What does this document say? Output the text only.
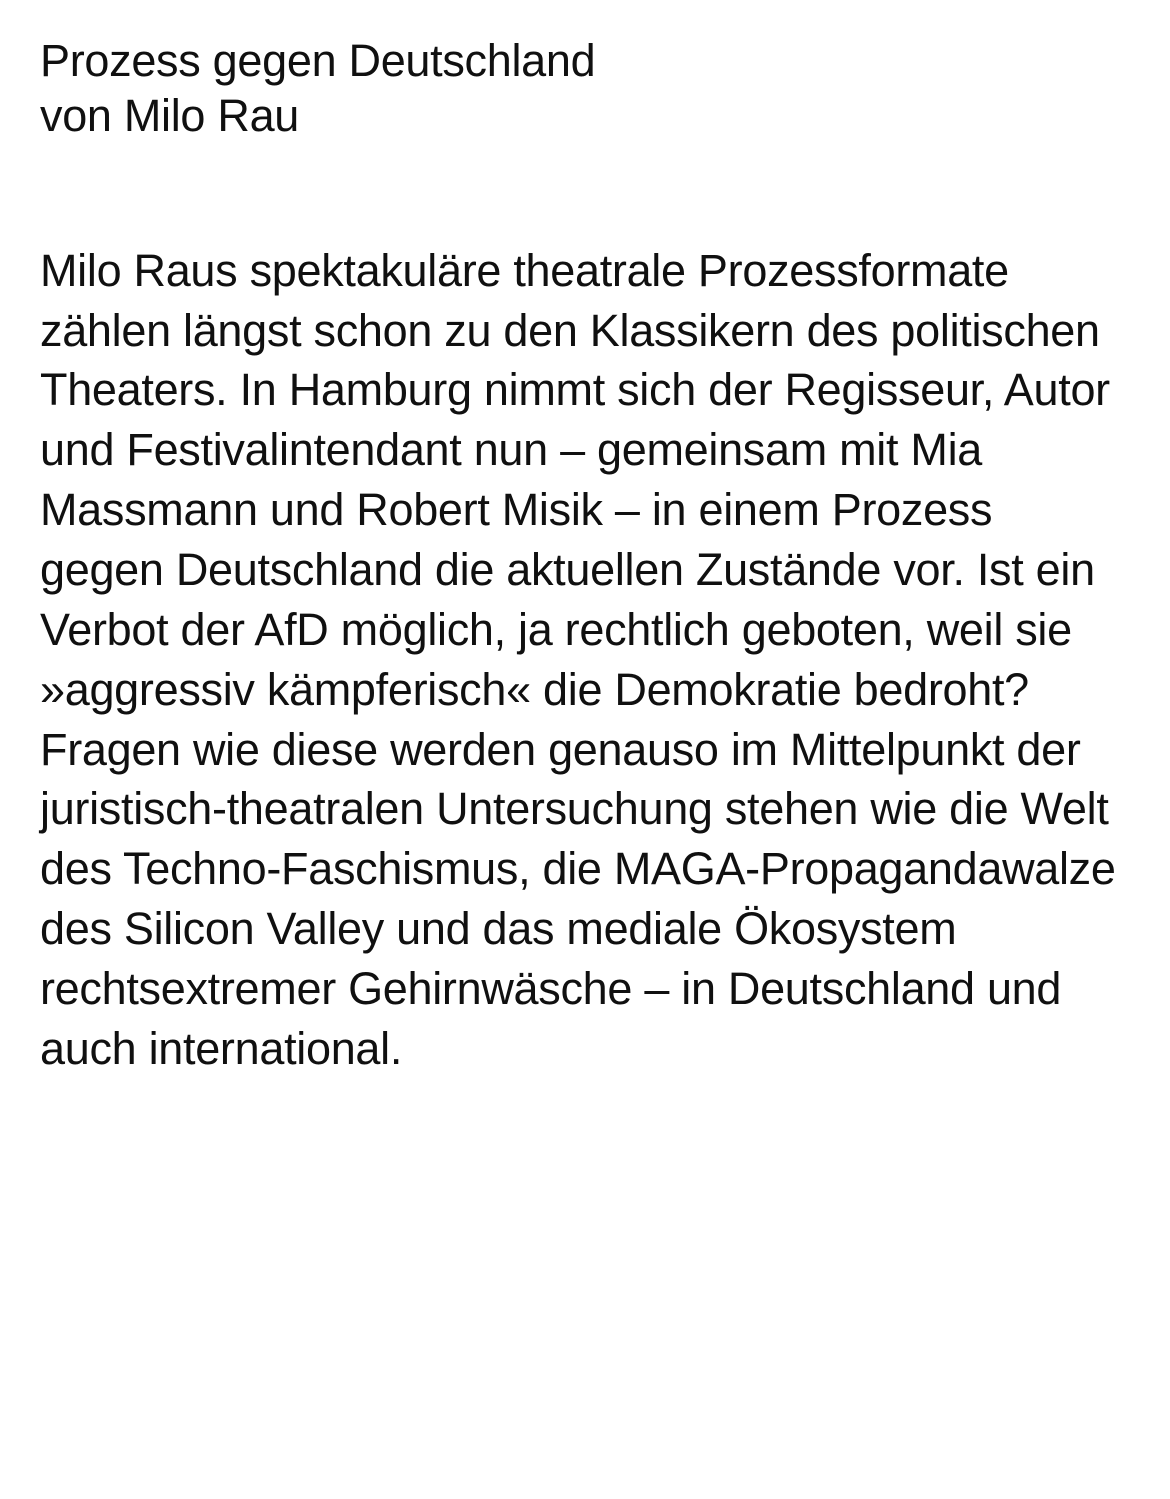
Prozess gegen Deutschland
von Milo Rau

Milo Raus spektakuläre theatrale Prozessformate zählen längst schon zu den Klassikern des politischen Theaters. In Hamburg nimmt sich der Regisseur, Autor und Festivalintendant nun – gemeinsam mit Mia Massmann und Robert Misik – in einem Prozess gegen Deutschland die aktuellen Zustände vor. Ist ein Verbot der AfD möglich, ja rechtlich geboten, weil sie »aggressiv kämpferisch« die Demokratie bedroht? Fragen wie diese werden genauso im Mittelpunkt der juristisch-theatralen Untersuchung stehen wie die Welt des Techno-Faschismus, die MAGA-Propagandawalze des Silicon Valley und das mediale Ökosystem rechtsextremer Gehirnwäsche – in Deutschland und auch international.
